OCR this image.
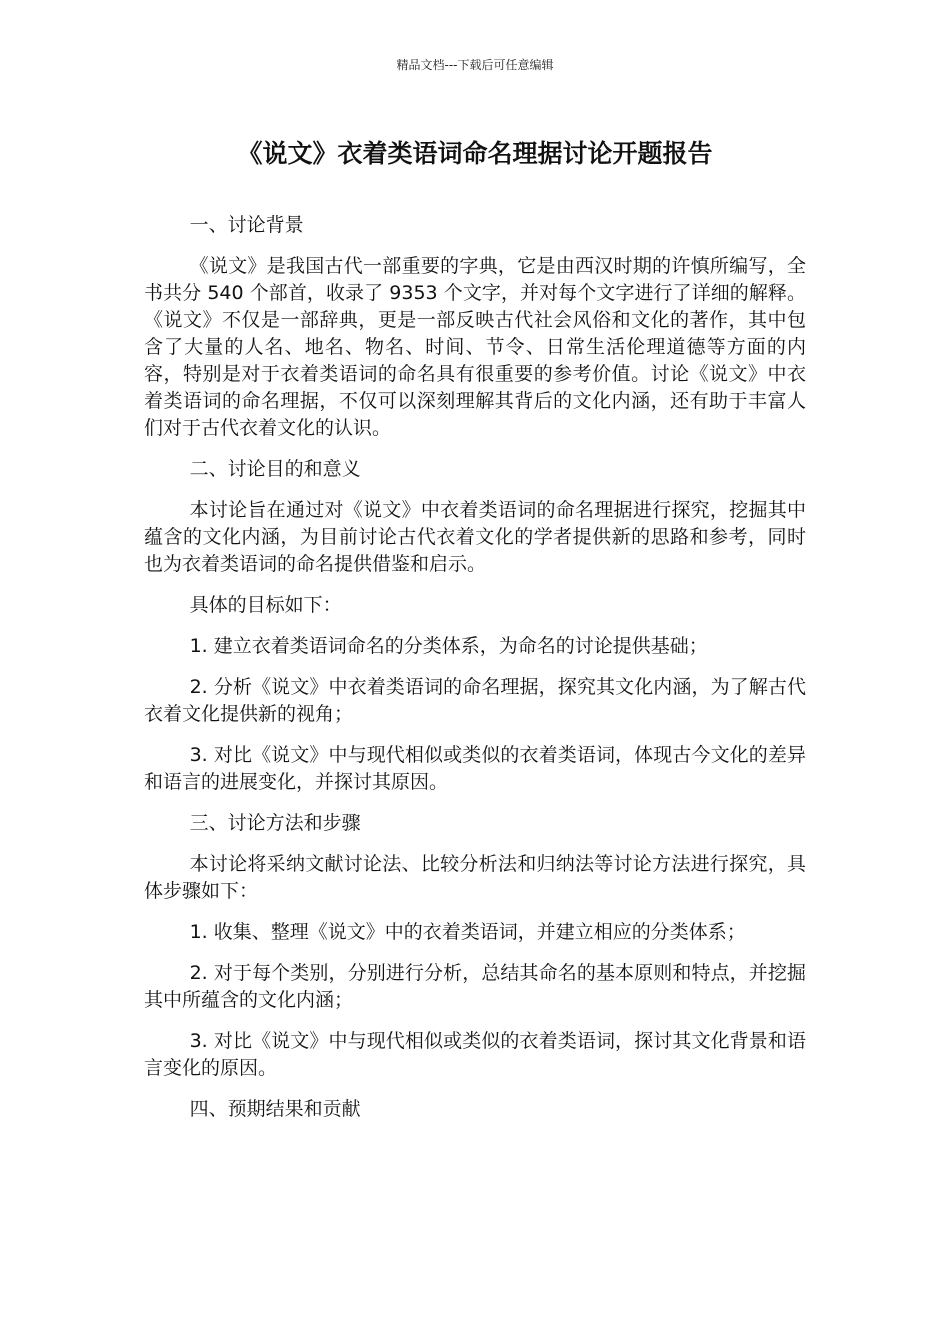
精品文档---下载后可任意编辑
《说文》衣着类语词命名理据讨论开题报告

一、讨论背景

《说文》是我国古代一部重要的字典，它是由西汉时期的许慎所编写，全书共分 540 个部首，收录了 9353 个文字，并对每个文字进行了详细的解释。《说文》不仅是一部辞典，更是一部反映古代社会风俗和文化的著作，其中包含了大量的人名、地名、物名、时间、节令、日常生活伦理道德等方面的内容，特别是对于衣着类语词的命名具有很重要的参考价值。讨论《说文》中衣着类语词的命名理据，不仅可以深刻理解其背后的文化内涵，还有助于丰富人们对于古代衣着文化的认识。

二、讨论目的和意义

本讨论旨在通过对《说文》中衣着类语词的命名理据进行探究，挖掘其中蕴含的文化内涵，为目前讨论古代衣着文化的学者提供新的思路和参考，同时也为衣着类语词的命名提供借鉴和启示。

具体的目标如下：

1. 建立衣着类语词命名的分类体系，为命名的讨论提供基础；

2. 分析《说文》中衣着类语词的命名理据，探究其文化内涵，为了解古代衣着文化提供新的视角；

3. 对比《说文》中与现代相似或类似的衣着类语词，体现古今文化的差异和语言的进展变化，并探讨其原因。

三、讨论方法和步骤

本讨论将采纳文献讨论法、比较分析法和归纳法等讨论方法进行探究，具体步骤如下：

1. 收集、整理《说文》中的衣着类语词，并建立相应的分类体系；

2. 对于每个类别，分别进行分析，总结其命名的基本原则和特点，并挖掘其中所蕴含的文化内涵；

3. 对比《说文》中与现代相似或类似的衣着类语词，探讨其文化背景和语言变化的原因。

四、预期结果和贡献
